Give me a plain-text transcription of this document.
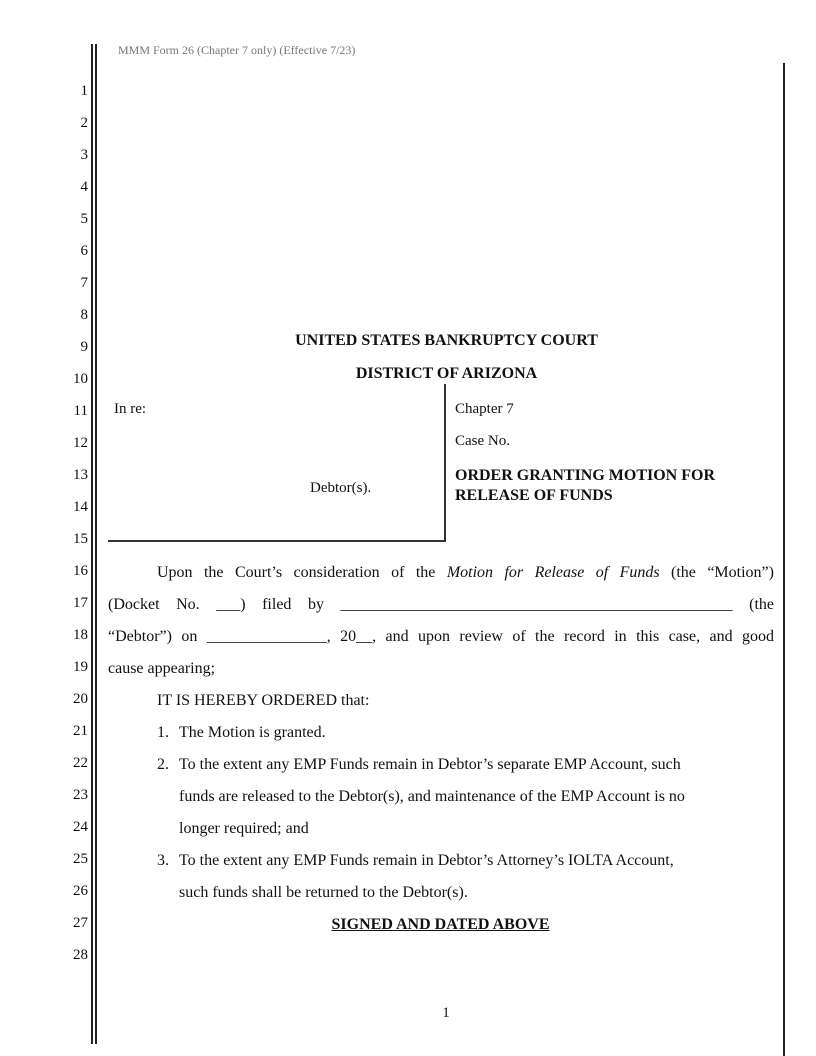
MMM Form 26 (Chapter 7 only) (Effective 7/23)
1
2
3
4
5
6
7
8
9
10
11
12
13
14
15
16
17
18
19
20
21
22
23
24
25
26
27
28
UNITED STATES BANKRUPTCY COURT
DISTRICT OF ARIZONA
In re:
Debtor(s).
Chapter 7
Case No.
ORDER GRANTING MOTION FOR
RELEASE OF FUNDS
Upon the Court’s consideration of the Motion for Release of Funds (the “Motion”)
(Docket No. ___) filed by _________________________________________________ (the
“Debtor”) on _______________, 20__, and upon review of the record in this case, and good
cause appearing;
IT IS HEREBY ORDERED that:
1. The Motion is granted.
2. To the extent any EMP Funds remain in Debtor’s separate EMP Account, such
funds are released to the Debtor(s), and maintenance of the EMP Account is no
longer required; and
3. To the extent any EMP Funds remain in Debtor’s Attorney’s IOLTA Account,
such funds shall be returned to the Debtor(s).
SIGNED AND DATED ABOVE
1
